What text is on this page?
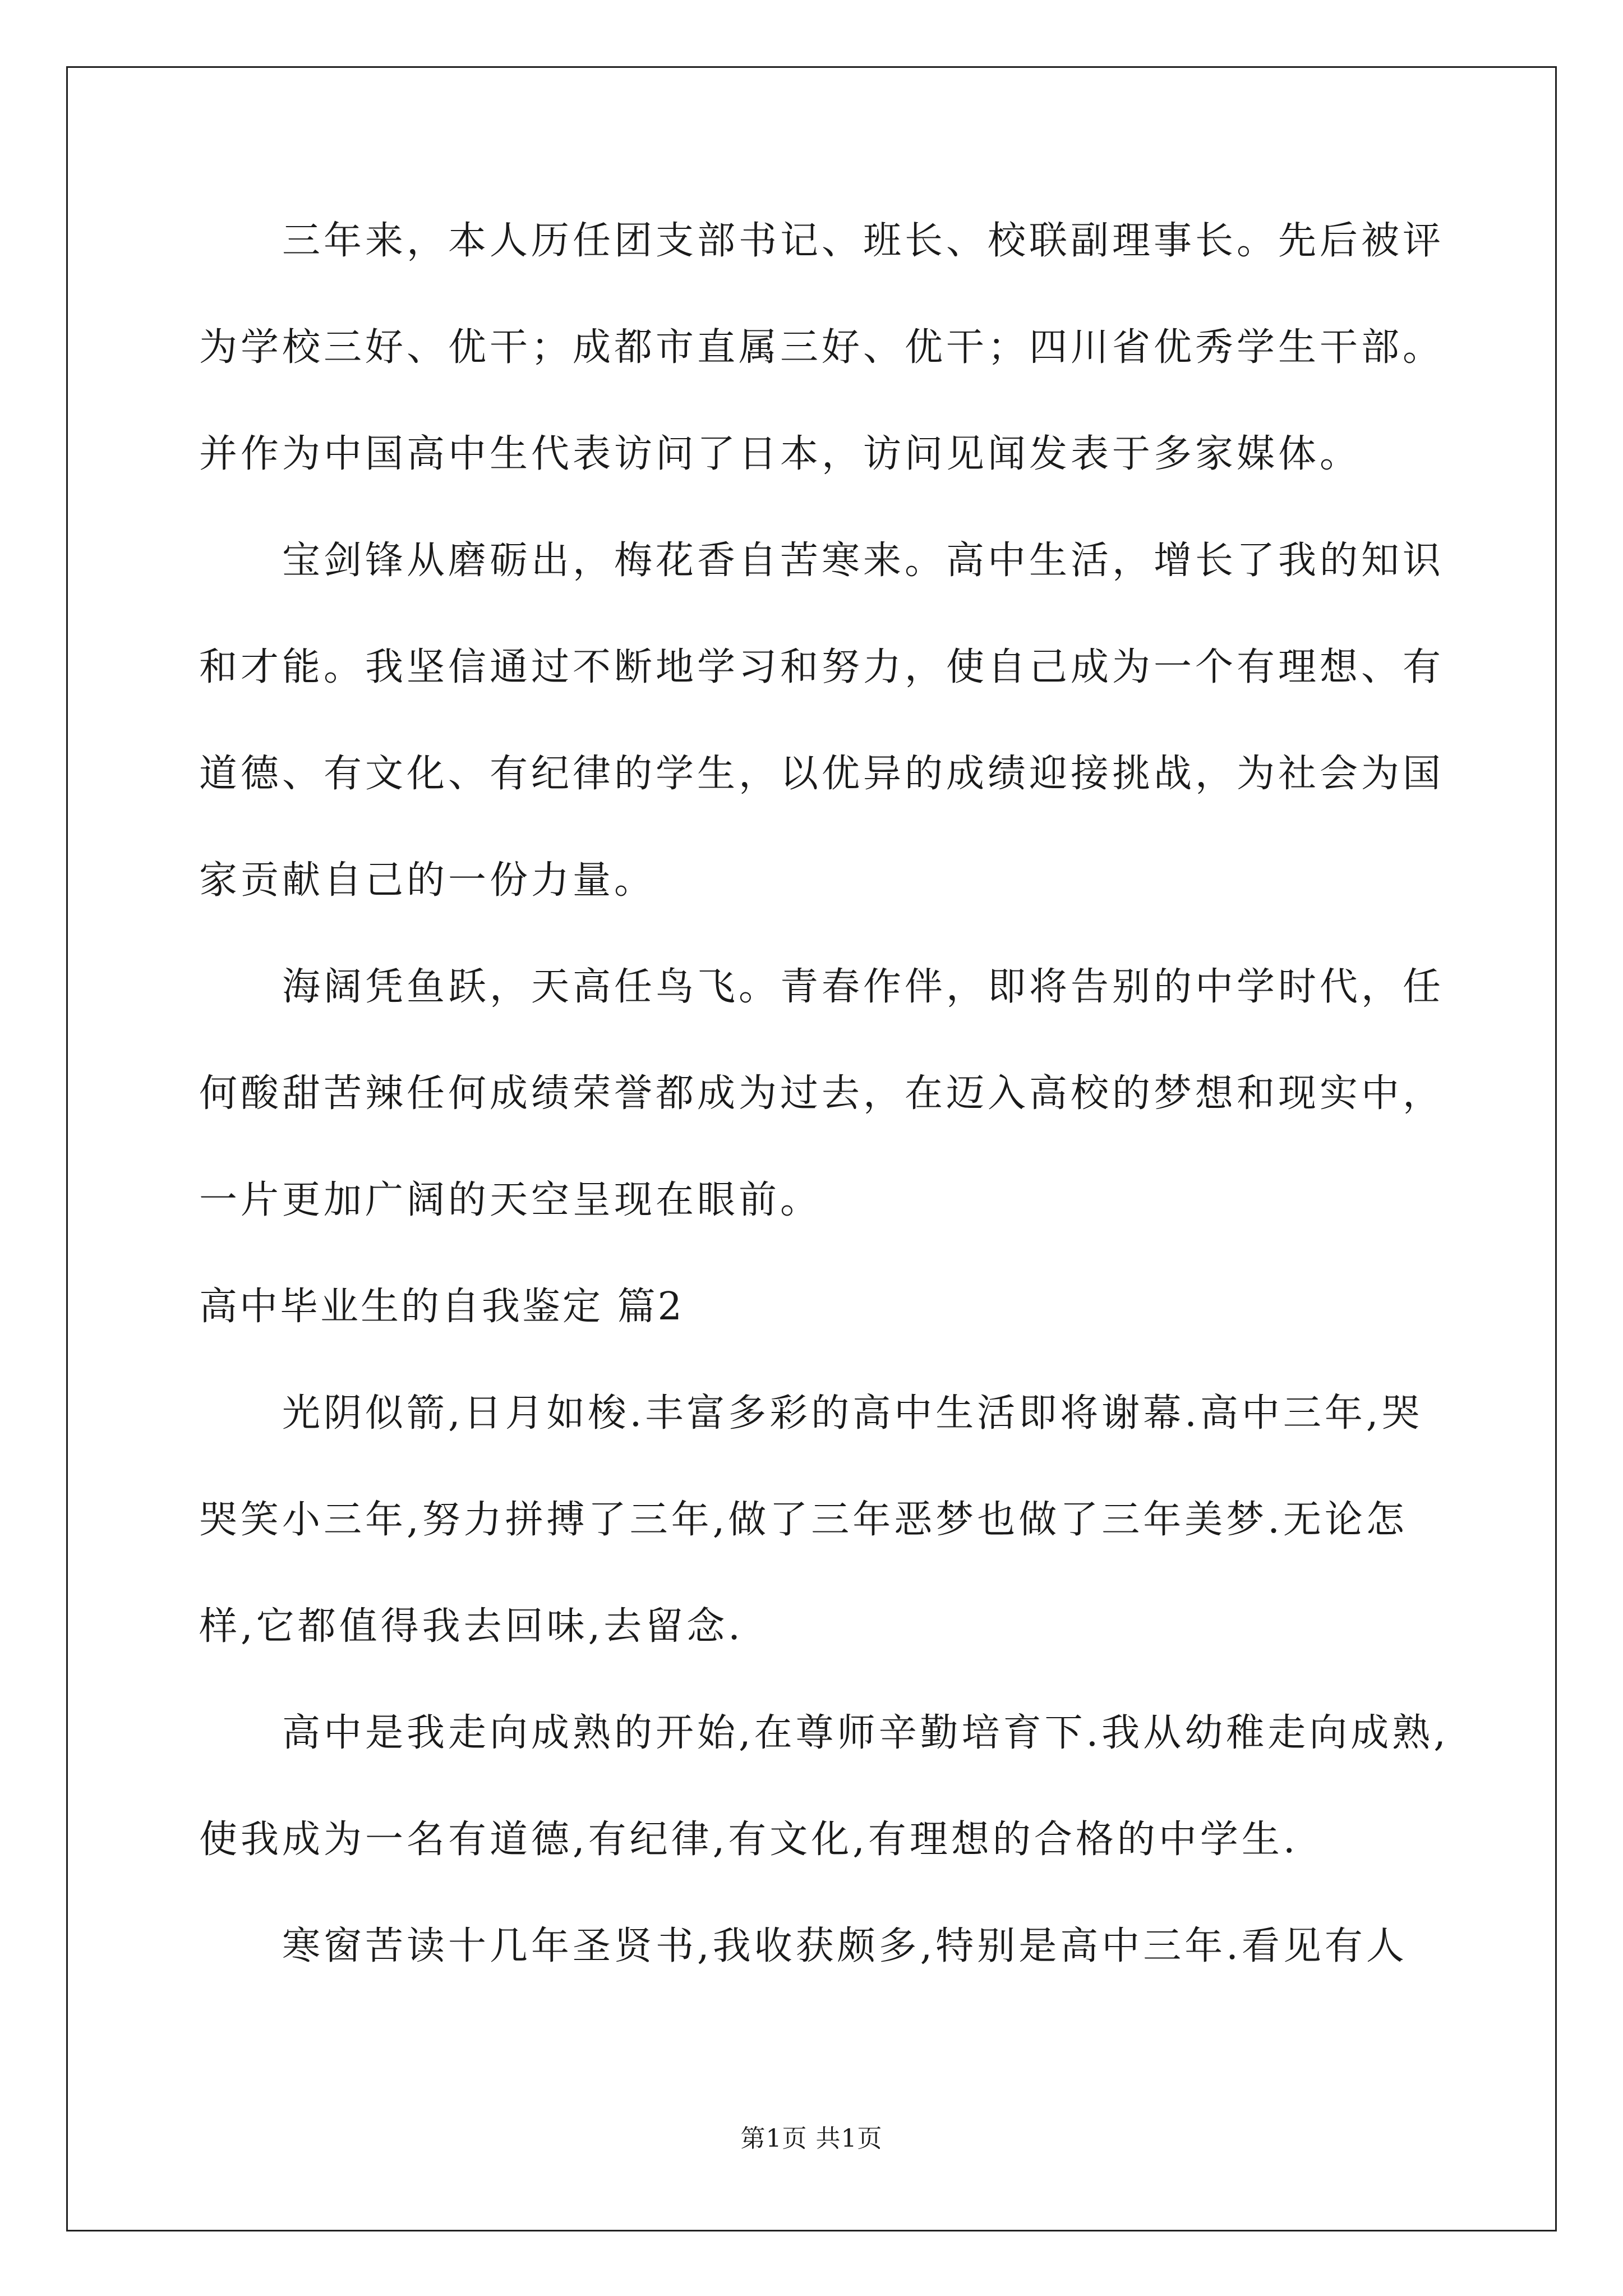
三年来，本人历任团支部书记、班长、校联副理事长。先后被评
为学校三好、优干；成都市直属三好、优干；四川省优秀学生干部。
并作为中国高中生代表访问了日本，访问见闻发表于多家媒体。
宝剑锋从磨砺出，梅花香自苦寒来。高中生活，增长了我的知识
和才能。我坚信通过不断地学习和努力，使自己成为一个有理想、有
道德、有文化、有纪律的学生，以优异的成绩迎接挑战，为社会为国
家贡献自己的一份力量。
海阔凭鱼跃，天高任鸟飞。青春作伴，即将告别的中学时代，任
何酸甜苦辣任何成绩荣誉都成为过去，在迈入高校的梦想和现实中，
一片更加广阔的天空呈现在眼前。
高中毕业生的自我鉴定 篇2
光阴似箭,日月如梭.丰富多彩的高中生活即将谢幕.高中三年,哭
哭笑小三年,努力拼搏了三年,做了三年恶梦也做了三年美梦.无论怎
样,它都值得我去回味,去留念.
高中是我走向成熟的开始,在尊师辛勤培育下.我从幼稚走向成熟,
使我成为一名有道德,有纪律,有文化,有理想的合格的中学生.
寒窗苦读十几年圣贤书,我收获颇多,特别是高中三年.看见有人
第1页 共1页
